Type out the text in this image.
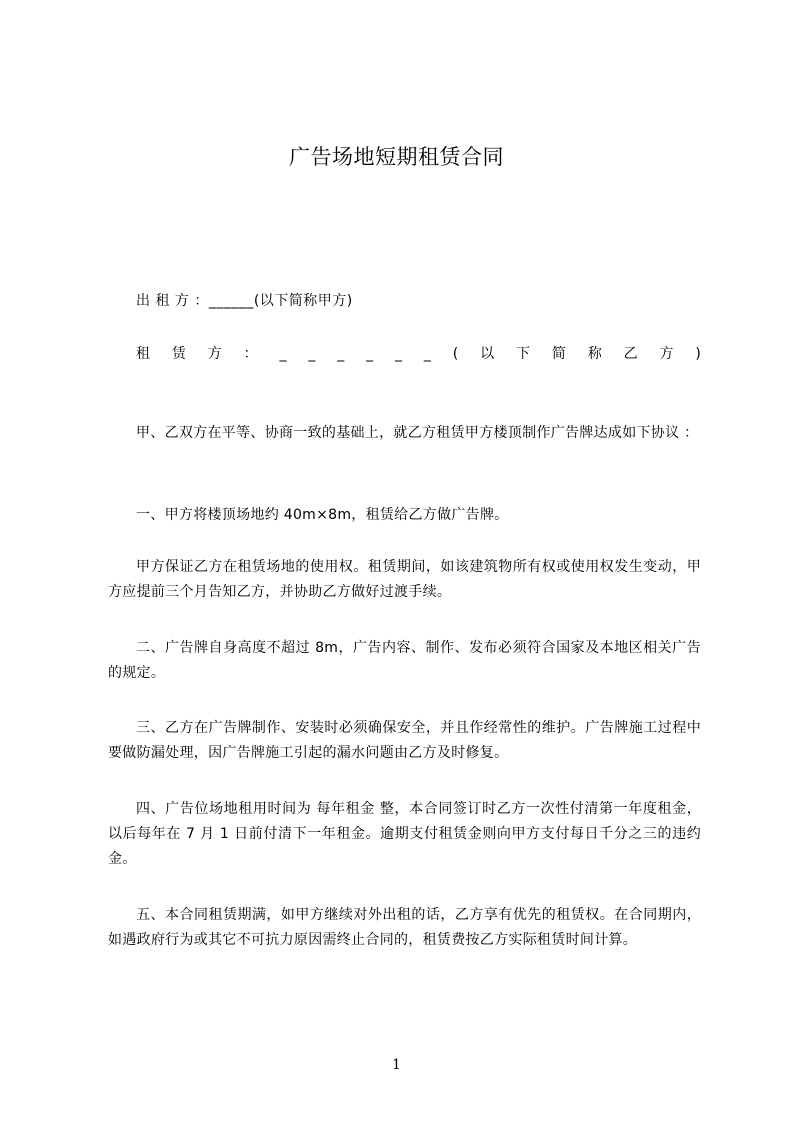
广告场地短期租赁合同
出 租 方 ：______(以下简称甲方)
租 赁 方 ： _ _ _ _ _ _ ( 以 下 简 称 乙 方 )
甲、乙双方在平等、协商一致的基础上，就乙方租赁甲方楼顶制作广告牌达成如下协议 ：
一、甲方将楼顶场地约 40m×8m，租赁给乙方做广告牌。
甲方保证乙方在租赁场地的使用权。租赁期间，如该建筑物所有权或使用权发生变动，甲方应提前三个月告知乙方，并协助乙方做好过渡手续。
二、广告牌自身高度不超过 8m，广告内容、制作、发布必须符合国家及本地区相关广告的规定。
三、乙方在广告牌制作、安装时必须确保安全，并且作经常性的维护。广告牌施工过程中要做防漏处理，因广告牌施工引起的漏水问题由乙方及时修复。
四、广告位场地租用时间为 每年租金 整，本合同签订时乙方一次性付清第一年度租金，以后每年在 7 月 1 日前付清下一年租金。逾期支付租赁金则向甲方支付每日千分之三的违约金。
五、本合同租赁期满，如甲方继续对外出租的话，乙方享有优先的租赁权。在合同期内，如遇政府行为或其它不可抗力原因需终止合同的，租赁费按乙方实际租赁时间计算。
1
